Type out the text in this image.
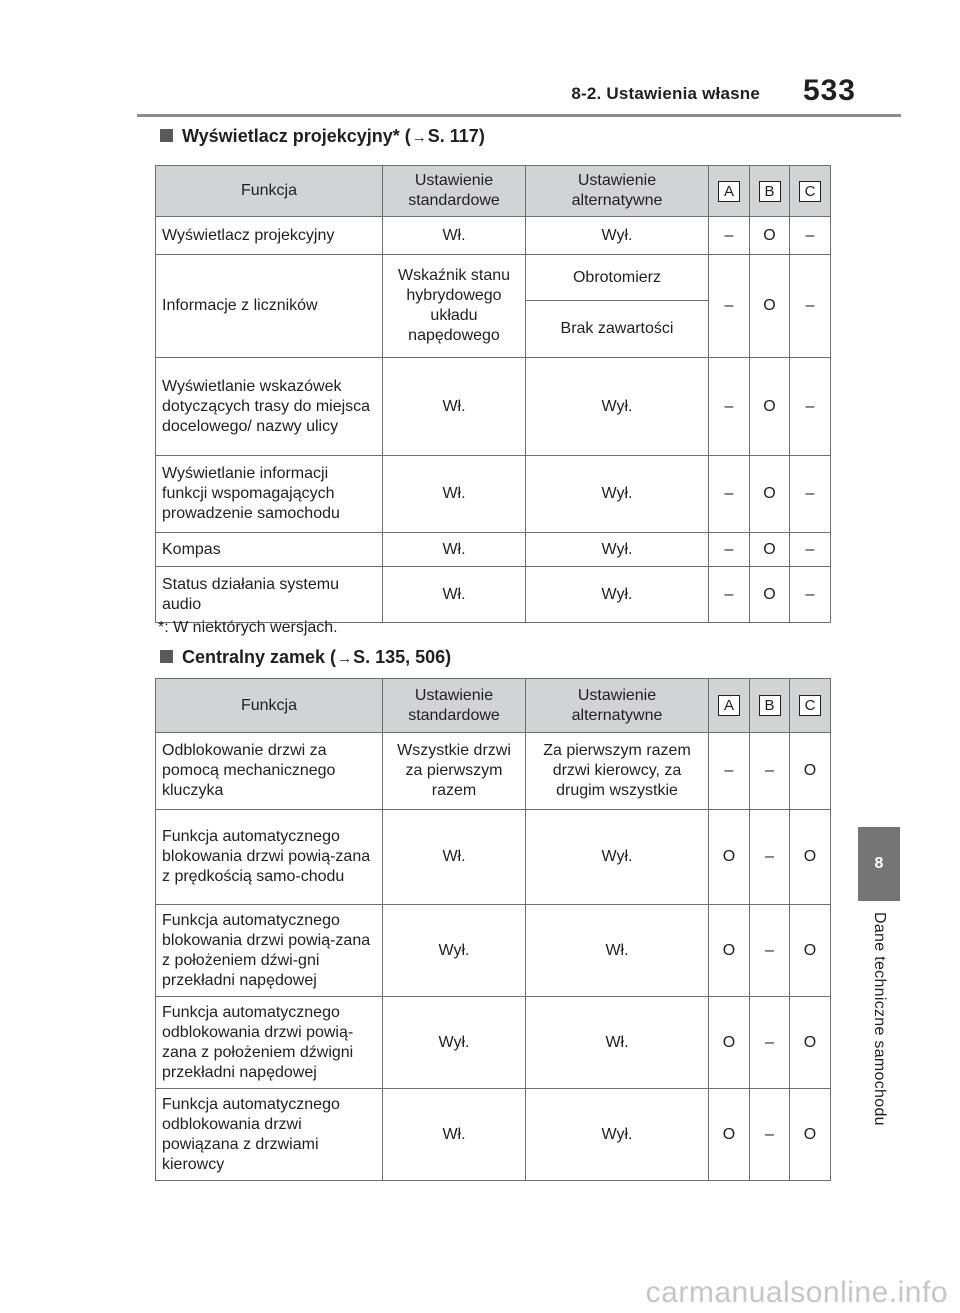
8-2. Ustawienia własne 533
Wyświetlacz projekcyjny* (→S. 117)
Funkcja	Ustawienie standardowe	Ustawienie alternatywne	A	B	C
Wyświetlacz projekcyjny	Wł.	Wył.	–	O	–
Informacje z liczników	Wskaźnik stanu hybrydowego układu napędowego	Obrotomierz	–	O	–
		Brak zawartości			
Wyświetlanie wskazówek dotyczących trasy do miejsca docelowego/ nazwy ulicy	Wł.	Wył.	–	O	–
Wyświetlanie informacji funkcji wspomagających prowadzenie samochodu	Wł.	Wył.	–	O	–
Kompas	Wł.	Wył.	–	O	–
Status działania systemu audio	Wł.	Wył.	–	O	–
*: W niektórych wersjach.
Centralny zamek (→S. 135, 506)
Funkcja	Ustawienie standardowe	Ustawienie alternatywne	A	B	C
Odblokowanie drzwi za pomocą mechanicznego kluczyka	Wszystkie drzwi za pierwszym razem	Za pierwszym razem drzwi kierowcy, za drugim wszystkie	–	–	O
Funkcja automatycznego blokowania drzwi powią-zana z prędkością samo-chodu	Wł.	Wył.	O	–	O
Funkcja automatycznego blokowania drzwi powią-zana z położeniem dźwi-gni przekładni napędowej	Wył.	Wł.	O	–	O
Funkcja automatycznego odblokowania drzwi powią-zana z położeniem dźwigni przekładni napędowej	Wył.	Wł.	O	–	O
Funkcja automatycznego odblokowania drzwi powiązana z drzwiami kierowcy	Wł.	Wył.	O	–	O
8
Dane techniczne samochodu
carmanualsonline.info
